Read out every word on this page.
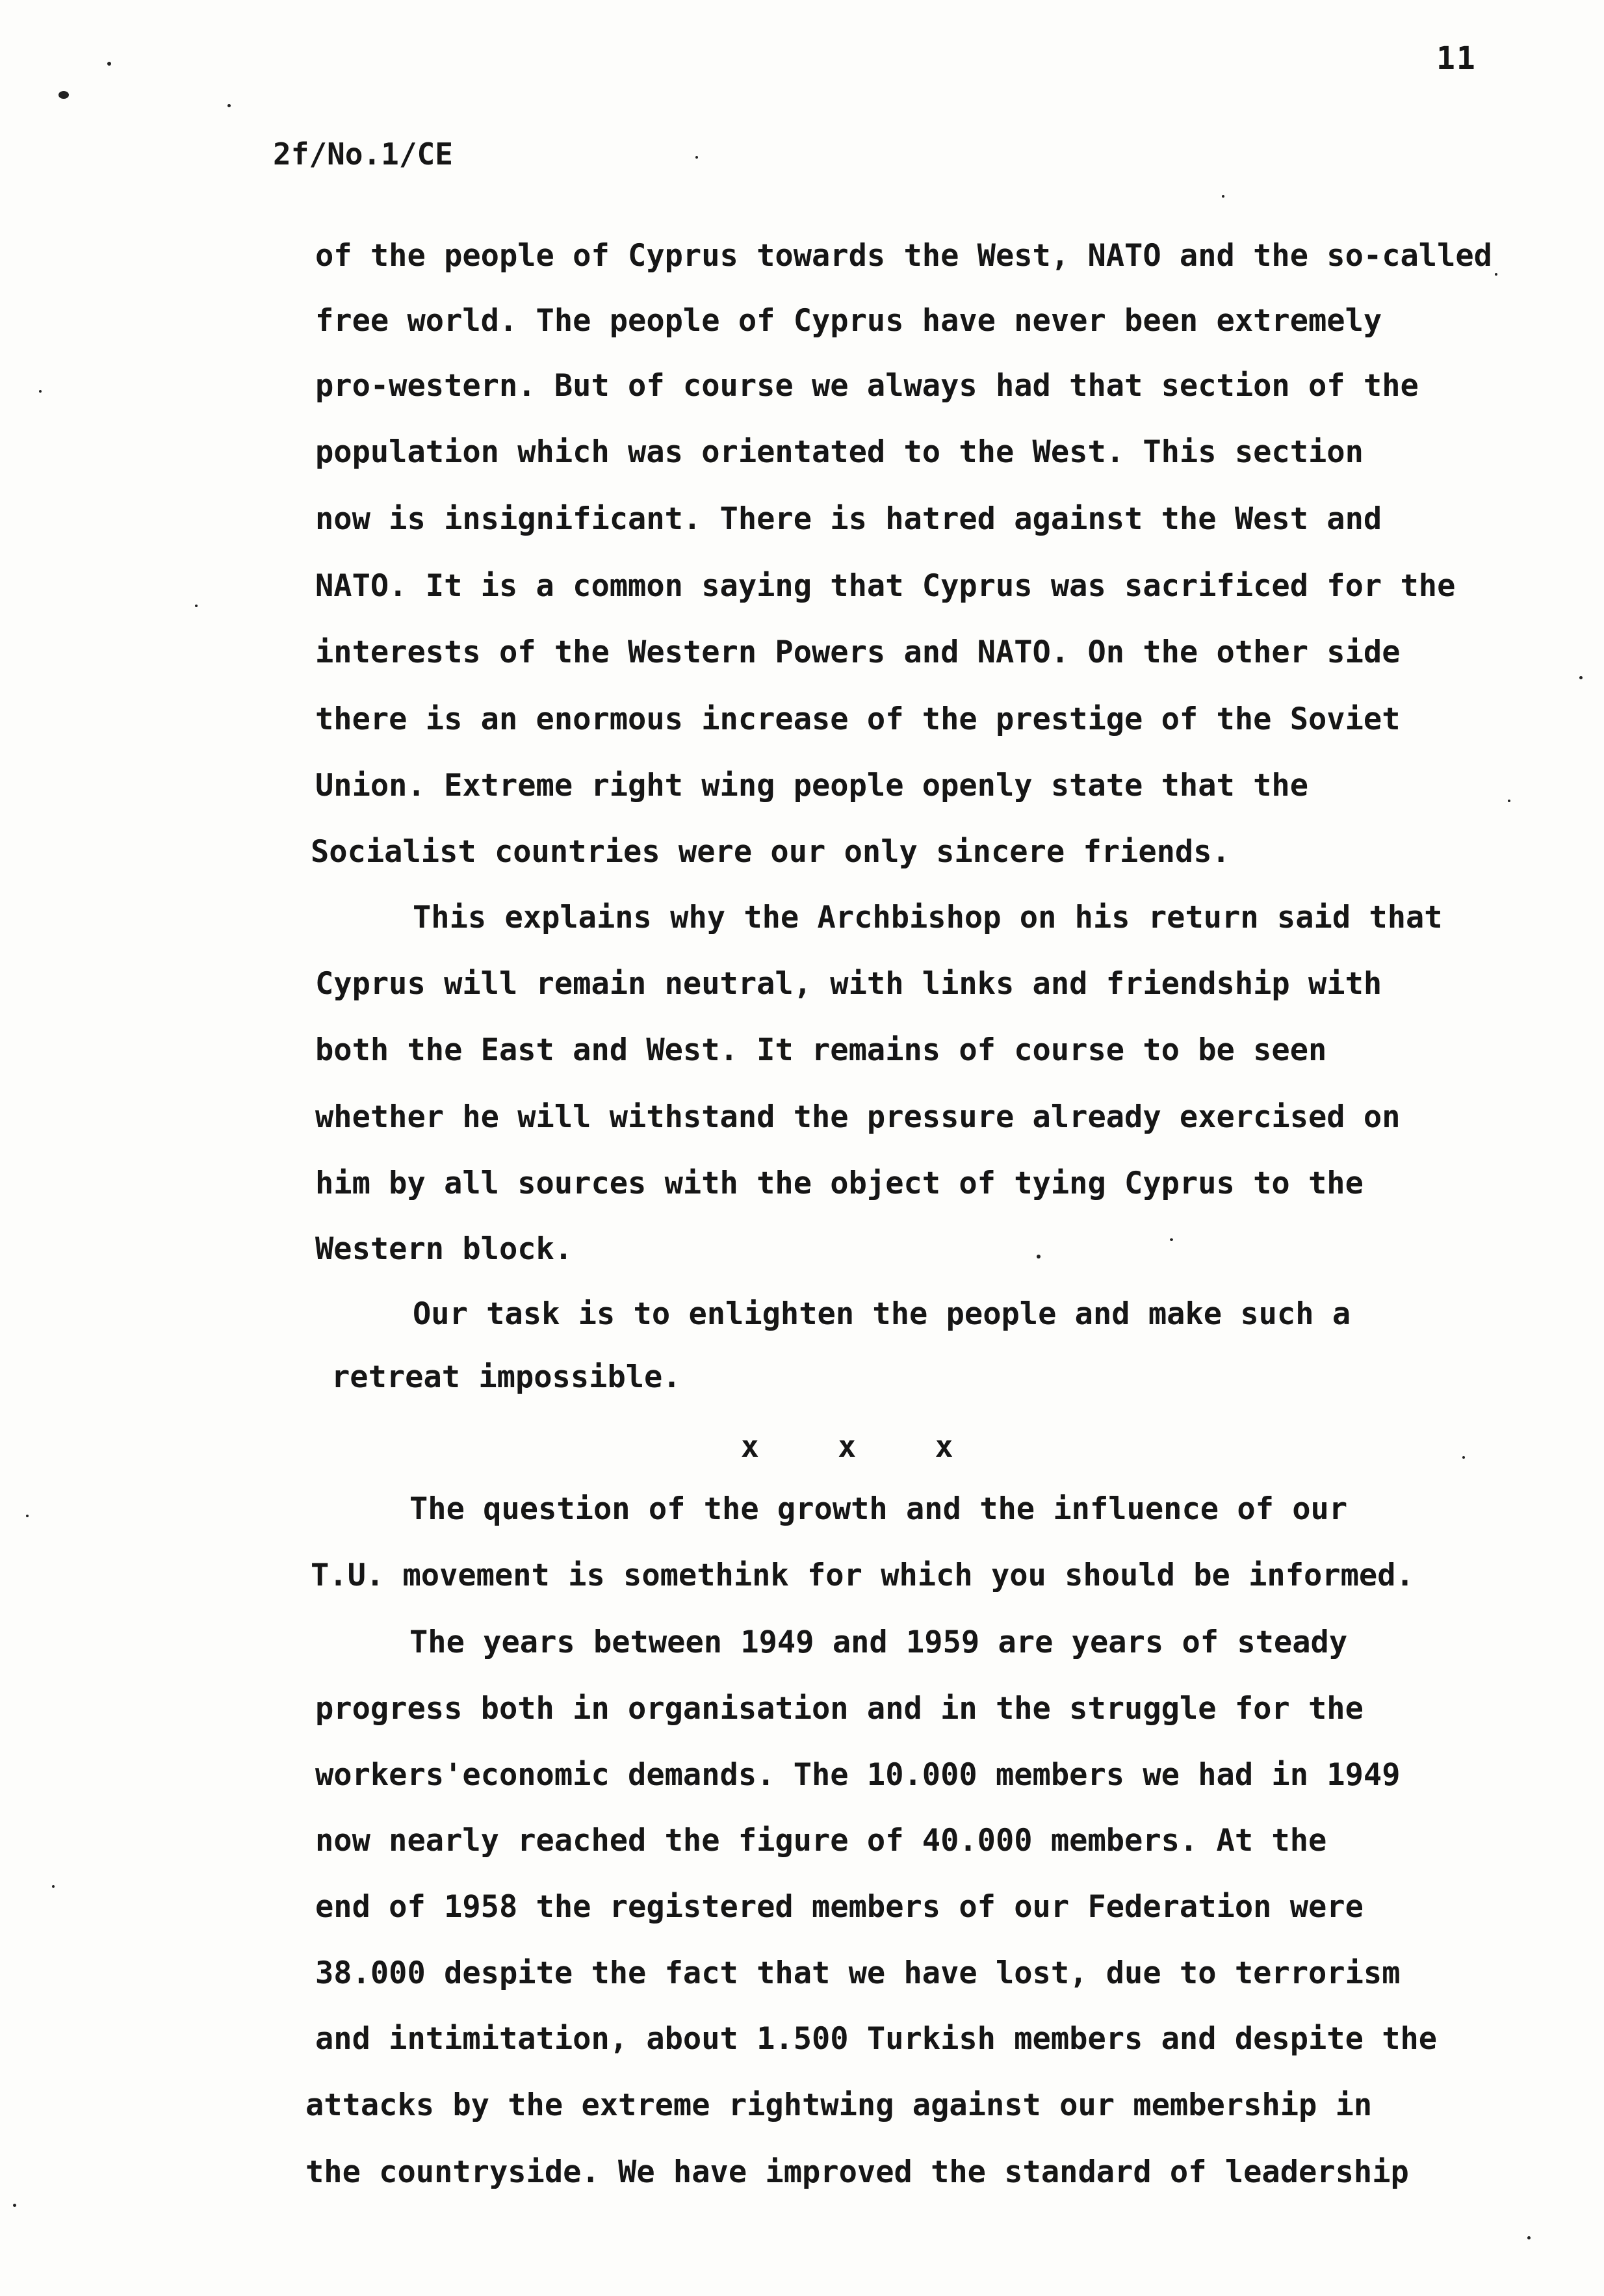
11
2f/No.1/CE
of the people of Cyprus towards the West, NATO and the so-called
free world. The people of Cyprus have never been extremely
pro-western. But of course we always had that section of the
population which was orientated to the West. This section
now is insignificant. There is hatred against the West and
NATO. It is a common saying that Cyprus was sacrificed for the
interests of the Western Powers and NATO. On the other side
there is an enormous increase of the prestige of the Soviet
Union. Extreme right wing people openly state that the
Socialist countries were our only sincere friends.
This explains why the Archbishop on his return said that
Cyprus will remain neutral, with links and friendship with
both the East and West. It remains of course to be seen
whether he will withstand the pressure already exercised on
him by all sources with the object of tying Cyprus to the
Western block.
Our task is to enlighten the people and make such a
retreat impossible.
x x x
The question of the growth and the influence of our
T.U. movement is somethink for which you should be informed.
The years between 1949 and 1959 are years of steady
progress both in organisation and in the struggle for the
workers'economic demands. The 10.000 members we had in 1949
now nearly reached the figure of 40.000 members. At the
end of 1958 the registered members of our Federation were
38.000 despite the fact that we have lost, due to terrorism
and intimitation, about 1.500 Turkish members and despite the
attacks by the extreme rightwing against our membership in
the countryside. We have improved the standard of leadership
